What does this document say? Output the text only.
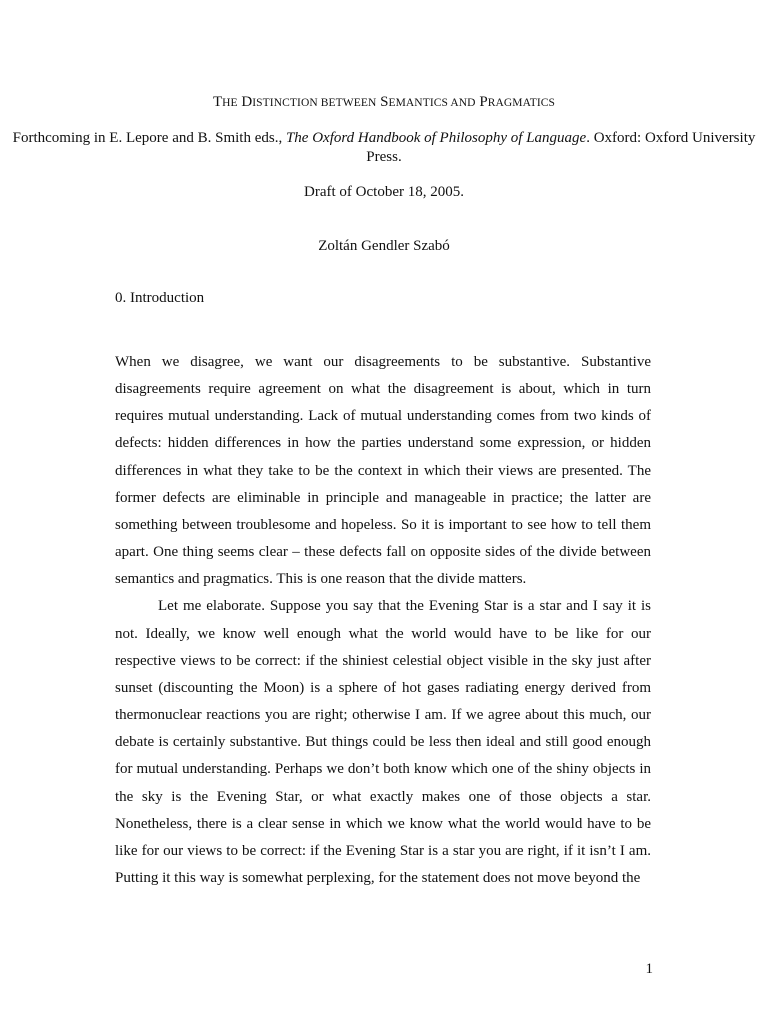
THE DISTINCTION BETWEEN SEMANTICS AND PRAGMATICS
Forthcoming in E. Lepore and B. Smith eds., The Oxford Handbook of Philosophy of Language. Oxford: Oxford University Press.
Draft of October 18, 2005.
Zoltán Gendler Szabó
0. Introduction

When we disagree, we want our disagreements to be substantive. Substantive disagreements require agreement on what the disagreement is about, which in turn requires mutual understanding. Lack of mutual understanding comes from two kinds of defects: hidden differences in how the parties understand some expression, or hidden differences in what they take to be the context in which their views are presented. The former defects are eliminable in principle and manageable in practice; the latter are something between troublesome and hopeless. So it is important to see how to tell them apart. One thing seems clear – these defects fall on opposite sides of the divide between semantics and pragmatics. This is one reason that the divide matters.

Let me elaborate. Suppose you say that the Evening Star is a star and I say it is not. Ideally, we know well enough what the world would have to be like for our respective views to be correct: if the shiniest celestial object visible in the sky just after sunset (discounting the Moon) is a sphere of hot gases radiating energy derived from thermonuclear reactions you are right; otherwise I am. If we agree about this much, our debate is certainly substantive. But things could be less then ideal and still good enough for mutual understanding. Perhaps we don’t both know which one of the shiny objects in the sky is the Evening Star, or what exactly makes one of those objects a star. Nonetheless, there is a clear sense in which we know what the world would have to be like for our views to be correct: if the Evening Star is a star you are right, if it isn’t I am. Putting it this way is somewhat perplexing, for the statement does not move beyond the

1
